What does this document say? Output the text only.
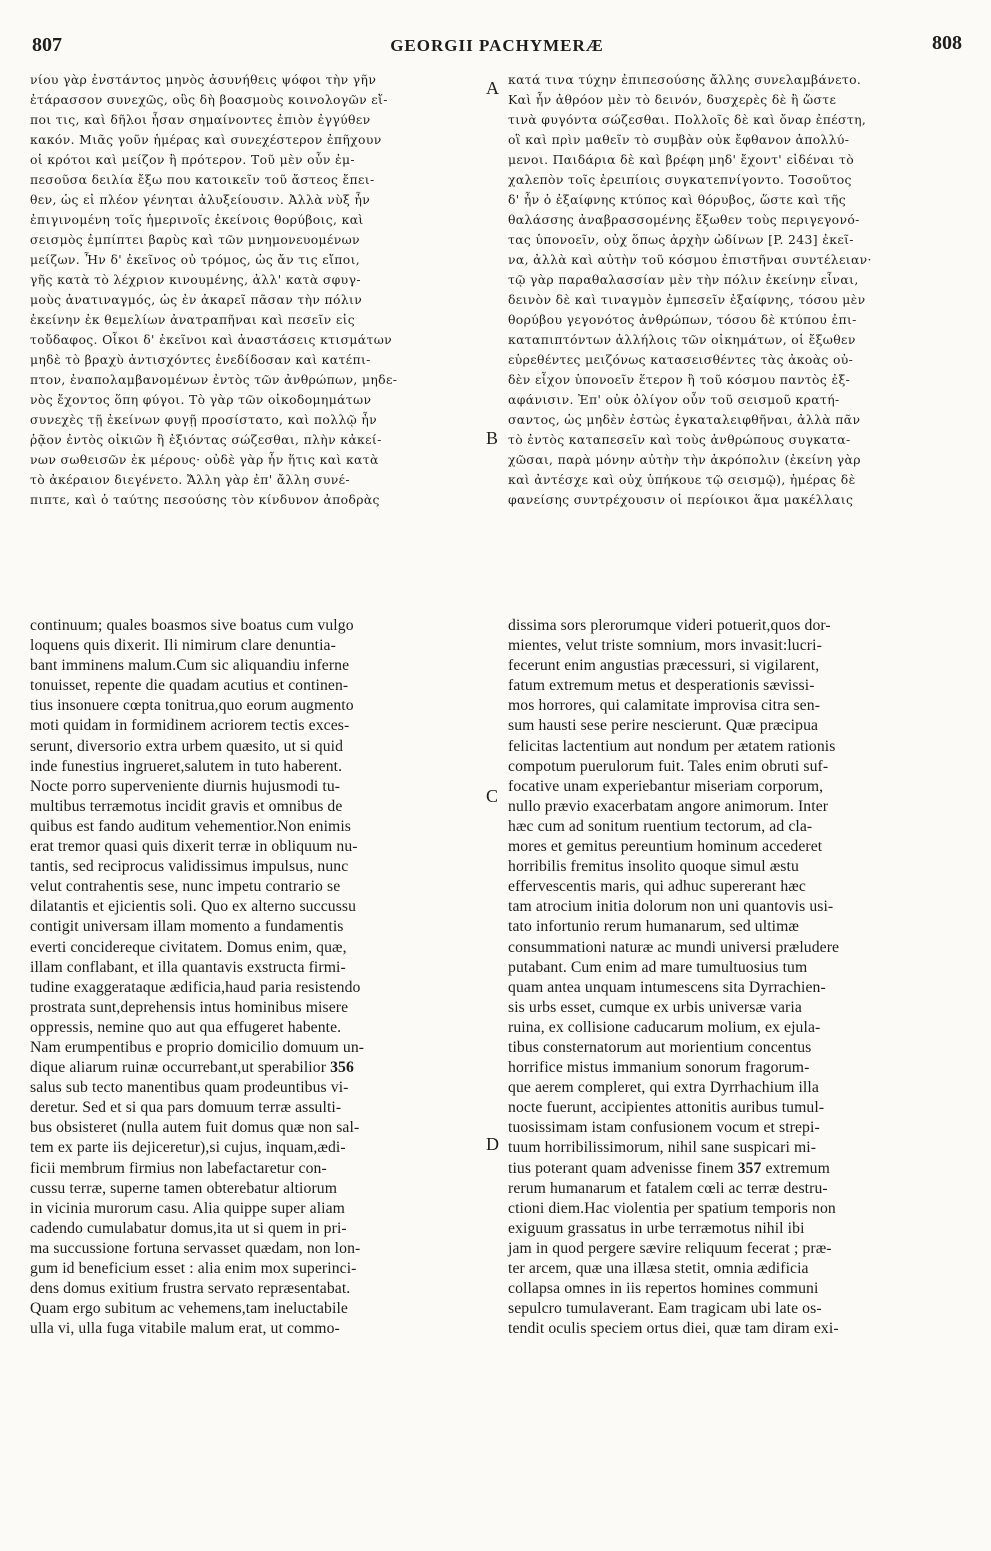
807	GEORGII PACHYMERÆ	808
A
B
C
D
νίου γὰρ ἐνστάντος μηνὸς ἀσυνήθεις ψόφοι τὴν γῆν
ἐτάρασσον συνεχῶς, οὓς δὴ βοασμοὺς κοινολογῶν εἴ-
ποι τις, καὶ δῆλοι ἦσαν σημαίνοντες ἐπιὸν ἐγγύθεν
κακόν. Μιᾶς γοῦν ἡμέρας καὶ συνεχέστερον ἐπῆχουν
οἱ κρότοι καὶ μείζον ἢ πρότερον. Τοῦ μὲν οὖν ἐμ-
πεσοῦσα δειλία ἔξω που κατοικεῖν τοῦ ἄστεος ἔπει-
θεν, ὡς εἰ πλέον γένηται ἀλυξείουσιν. Ἀλλὰ νὺξ ἦν
ἐπιγινομένη τοῖς ἡμερινοῖς ἐκείνοις θορύβοις, καὶ
σεισμὸς ἐμπίπτει βαρὺς καὶ τῶν μνημονευομένων
μείζων. Ἦν δ' ἐκεῖνος οὐ τρόμος, ὡς ἄν τις εἴποι,
γῆς κατὰ τὸ λέχριον κινουμένης, ἀλλ' κατὰ σφυγ-
μοὺς ἀνατιναγμός, ὡς ἐν ἀκαρεῖ πᾶσαν τὴν πόλιν
ἐκείνην ἐκ θεμελίων ἀνατραπῆναι καὶ πεσεῖν εἰς
τοὔδαφος. Οἶκοι δ' ἐκεῖνοι καὶ ἀναστάσεις κτισμάτων
μηδὲ τὸ βραχὺ ἀντισχόντες ἐνεδίδοσαν καὶ κατέπι-
πτον, ἐναπολαμβανομένων ἐντὸς τῶν ἀνθρώπων, μηδε-
νὸς ἔχοντος ὅπη φύγοι. Τὸ γὰρ τῶν οἰκοδομημάτων
συνεχὲς τῇ ἐκείνων φυγῇ προσίστατο, καὶ πολλῷ ἦν
ῥᾷον ἐντὸς οἰκιῶν ἢ ἐξιόντας σώζεσθαι, πλὴν κἀκεί-
νων σωθεισῶν ἐκ μέρους· οὐδὲ γὰρ ἦν ἥτις καὶ κατὰ
τὸ ἀκέραιον διεγένετο. Ἄλλη γὰρ ἐπ' ἄλλη συνέ-
πιπτε, καὶ ὁ ταύτης πεσούσης τὸν κίνδυνον ἀποδρὰς
κατά τινα τύχην ἐπιπεσούσης ἄλλης συνελαμβάνετο.
Καὶ ἦν ἀθρόον μὲν τὸ δεινόν, δυσχερὲς δὲ ἢ ὥστε
τινὰ φυγόντα σώζεσθαι. Πολλοῖς δὲ καὶ ὄναρ ἐπέστη,
οἳ καὶ πρὶν μαθεῖν τὸ συμβὰν οὐκ ἔφθανον ἀπολλύ-
μενοι. Παιδάρια δὲ καὶ βρέφη μηδ' ἔχοντ' εἰδέναι τὸ
χαλεπὸν τοῖς ἐρειπίοις συγκατεπνίγοντο. Τοσοῦτος
δ' ἦν ὁ ἐξαίφνης κτύπος καὶ θόρυβος, ὥστε καὶ τῆς
θαλάσσης ἀναβρασσομένης ἔξωθεν τοὺς περιγεγονό-
τας ὑπονοεῖν, οὐχ ὅπως ἀρχὴν ὠδίνων [P. 243] ἐκεῖ-
να, ἀλλὰ καὶ αὐτὴν τοῦ κόσμου ἐπιστῆναι συντέλειαν·
τῷ γὰρ παραθαλασσίαν μὲν τὴν πόλιν ἐκείνην εἶναι,
δεινὸν δὲ καὶ τιναγμὸν ἐμπεσεῖν ἐξαίφνης, τόσου μὲν
θορύβου γεγονότος ἀνθρώπων, τόσου δὲ κτύπου ἐπι-
καταπιπτόντων ἀλλήλοις τῶν οἰκημάτων, οἱ ἔξωθεν
εὑρεθέντες μειζόνως κατασεισθέντες τὰς ἀκοὰς οὐ-
δὲν εἶχον ὑπονοεῖν ἕτερον ἢ τοῦ κόσμου παντὸς ἐξ-
αφάνισιν. Ἐπ' οὐκ ὀλίγον οὖν τοῦ σεισμοῦ κρατή-
σαντος, ὡς μηδὲν ἐστὼς ἐγκαταλειφθῆναι, ἀλλὰ πᾶν
τὸ ἐντὸς καταπεσεῖν καὶ τοὺς ἀνθρώπους συγκατα-
χῶσαι, παρὰ μόνην αὐτὴν τὴν ἀκρόπολιν (ἐκείνη γὰρ
καὶ ἀντέσχε καὶ οὐχ ὑπήκουε τῷ σεισμῷ), ἡμέρας δὲ
φανείσης συντρέχουσιν οἱ περίοικοι ἅμα μακέλλαις
continuum; quales boasmos sive boatus cum vulgo
loquens quis dixerit. Ili nimirum clare denuntia-
bant imminens malum.Cum sic aliquandiu inferne
tonuisset, repente die quadam acutius et continen-
tius insonuere cœpta tonitrua,quo eorum augmento
moti quidam in formidinem acriorem tectis exces-
serunt, diversorio extra urbem quæsito, ut si quid
inde funestius ingrueret,salutem in tuto haberent.
Nocte porro superveniente diurnis hujusmodi tu-
multibus terræmotus incidit gravis et omnibus de
quibus est fando auditum vehementior.Non enimis
erat tremor quasi quis dixerit terræ in obliquum nu-
tantis, sed reciprocus validissimus impulsus, nunc
velut contrahentis sese, nunc impetu contrario se
dilatantis et ejicientis soli. Quo ex alterno succussu
contigit universam illam momento a fundamentis
everti concidereque civitatem. Domus enim, quæ,
illam conflabant, et illa quantavis exstructa firmi-
tudine exaggerataque ædificia,haud paria resistendo
prostrata sunt,deprehensis intus hominibus misere
oppressis, nemine quo aut qua effugeret habente.
Nam erumpentibus e proprio domicilio domuum un-
dique aliarum ruinæ occurrebant,ut sperabilior 356
salus sub tecto manentibus quam prodeuntibus vi-
deretur. Sed et si qua pars domuum terræ assulti-
bus obsisteret (nulla autem fuit domus quæ non sal-
tem ex parte iis dejiceretur),si cujus, inquam,ædi-
ficii membrum firmius non labefactaretur con-
cussu terræ, superne tamen obterebatur altiorum
in vicinia murorum casu. Alia quippe super aliam
cadendo cumulabatur domus,ita ut si quem in pri-
ma succussione fortuna servasset quædam, non lon-
gum id beneficium esset : alia enim mox superinci-
dens domus exitium frustra servato repræsentabat.
Quam ergo subitum ac vehemens,tam ineluctabile
ulla vi, ulla fuga vitabile malum erat, ut commo-
dissima sors plerorumque videri potuerit,quos dor-
mientes, velut triste somnium, mors invasit:lucri-
fecerunt enim angustias præcessuri, si vigilarent,
fatum extremum metus et desperationis sævissi-
mos horrores, qui calamitate improvisa citra sen-
sum hausti sese perire nescierunt. Quæ præcipua
felicitas lactentium aut nondum per ætatem rationis
compotum puerulorum fuit. Tales enim obruti suf-
focative unam experiebantur miseriam corporum,
nullo prævio exacerbatam angore animorum. Inter
hæc cum ad sonitum ruentium tectorum, ad cla-
mores et gemitus pereuntium hominum accederet
horribilis fremitus insolito quoque simul æstu
effervescentis maris, qui adhuc supererant hæc
tam atrocium initia dolorum non uni quantovis usi-
tato infortunio rerum humanarum, sed ultimæ
consummationi naturæ ac mundi universi præludere
putabant. Cum enim ad mare tumultuosius tum
quam antea unquam intumescens sita Dyrrachien-
sis urbs esset, cumque ex urbis universæ varia
ruina, ex collisione caducarum molium, ex ejula-
tibus consternatorum aut morientium concentus
horrifice mistus immanium sonorum fragorum-
que aerem compleret, qui extra Dyrrhachium illa
nocte fuerunt, accipientes attonitis auribus tumul-
tuosissimam istam confusionem vocum et strepi-
tuum horribilissimorum, nihil sane suspicari mi-
tius poterant quam advenisse finem 357 extremum
rerum humanarum et fatalem cœli ac terræ destru-
ctioni diem.Hac violentia per spatium temporis non
exiguum grassatus in urbe terræmotus nihil ibi
jam in quod pergere sævire reliquum fecerat ; præ-
ter arcem, quæ una illæsa stetit, omnia ædificia
collapsa omnes in iis repertos homines communi
sepulcro tumulaverant. Eam tragicam ubi late os-
tendit oculis speciem ortus diei, quæ tam diram exi-
